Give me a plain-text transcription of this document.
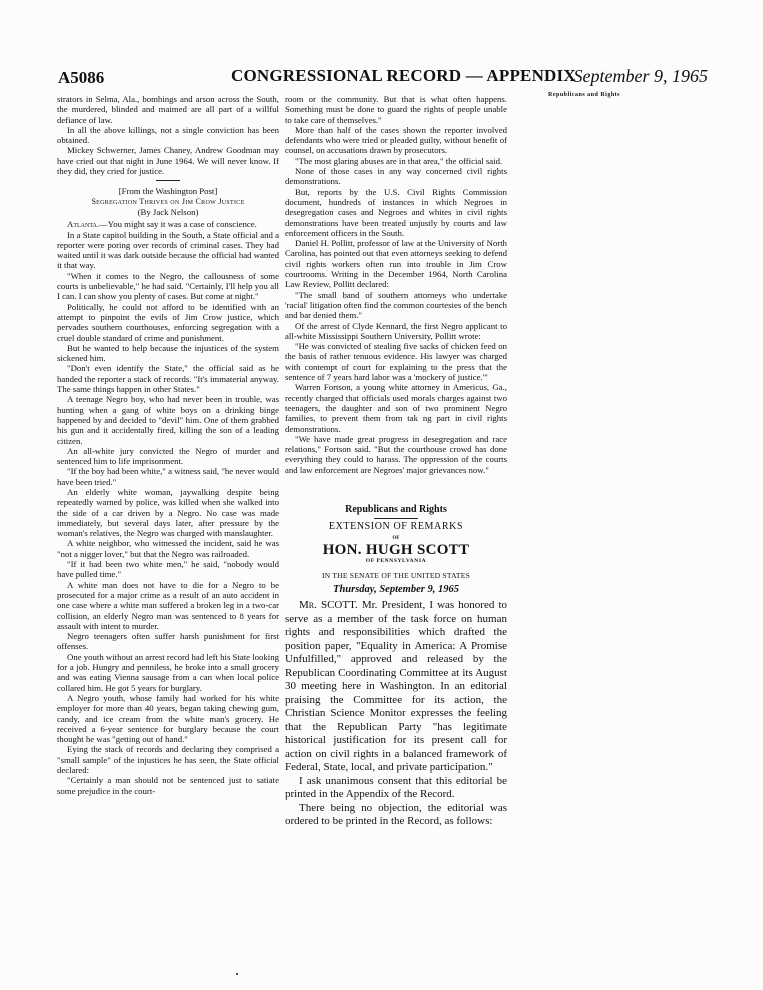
A5086	CONGRESSIONAL RECORD — APPENDIX
September 9, 1965
Republicans and Rights

strators in Selma, Ala., bombings and arson across the South, the murdered, blinded and maimed are all part of a willful defiance of law.

In all the above killings, not a single conviction has been obtained.

Mickey Schwerner, James Chaney, Andrew Goodman may have cried out that night in June 1964. We will never know. If they did, they cried for justice.

[From the Washington Post]

Segregation Thrives on Jim Crow Justice

(By Jack Nelson)

Atlanta.—You might say it was a case of conscience.

In a State capitol building in the South, a State official and a reporter were poring over records of criminal cases. They had waited until it was dark outside because the official had wanted it that way.

"When it comes to the Negro, the callousness of some courts is unbelievable," he had said. "Certainly, I'll help you all I can. I can show you plenty of cases. But come at night."

Politically, he could not afford to be identified with an attempt to pinpoint the evils of Jim Crow justice, which pervades southern courthouses, enforcing segregation with a cruel double standard of crime and punishment.

But he wanted to help because the injustices of the system sickened him.

"Don't even identify the State," the official said as he handed the reporter a stack of records. "It's immaterial anyway. The same things happen in other States."

A teenage Negro boy, who had never been in trouble, was hunting when a gang of white boys on a drinking binge happened by and decided to "devil" him. One of them grabbed his gun and it accidentally fired, killing the son of a leading citizen.

An all-white jury convicted the Negro of murder and sentenced him to life imprisonment.

"If the boy had been white," a witness said, "he never would have been tried."

An elderly white woman, jaywalking despite being repeatedly warned by police, was killed when she walked into the side of a car driven by a Negro. No case was made immediately, but several days later, after pressure by the woman's relatives, the Negro was charged with manslaughter.

A white neighbor, who witnessed the incident, said he was "not a nigger lover," but that the Negro was railroaded.

"If it had been two white men," he said, "nobody would have pulled time."

A white man does not have to die for a Negro to be prosecuted for a major crime as a result of an auto accident in one case where a white man suffered a broken leg in a two-car collision, an elderly Negro man was sentenced to 8 years for assault with intent to murder.

Negro teenagers often suffer harsh punishment for first offenses.

One youth without an arrest record had left his State looking for a job. Hungry and penniless, he broke into a small grocery and was eating Vienna sausage from a can when local police collared him. He got 5 years for burglary.

A Negro youth, whose family had worked for his white employer for more than 40 years, began taking chewing gum, candy, and ice cream from the white man's grocery. He received a 6-year sentence for burglary because the court thought he was "getting out of hand."

Eying the stack of records and declaring they comprised a "small sample" of the injustices he has seen, the State official declared:

"Certainly a man should not be sentenced just to satiate some prejudice in the court-

room or the community. But that is what often happens. Something must be done to guard the rights of people unable to take care of themselves."

More than half of the cases shown the reporter involved defendants who were tried or pleaded guilty, without benefit of counsel, on accusations drawn by prosecutors.

"The most glaring abuses are in that area," the official said.

None of those cases in any way concerned civil rights demonstrations.

But, reports by the U.S. Civil Rights Commission document, hundreds of instances in which Negroes in desegregation cases and Negroes and whites in civil rights demonstrations have been treated unjustly by courts and law enforcement officers in the South.

Daniel H. Pollitt, professor of law at the University of North Carolina, has pointed out that even attorneys seeking to defend civil rights workers often run into trouble in Jim Crow courtrooms. Writing in the December 1964, North Carolina Law Review, Pollitt declared:

"The small band of southern attorneys who undertake 'racial' litigation often find the common courtesies of the bench and bar denied them."

Of the arrest of Clyde Kennard, the first Negro applicant to all-white Mississippi Southern University, Pollitt wrote:

"He was convicted of stealing five sacks of chicken feed on the basis of rather tenuous evidence. His lawyer was charged with contempt of court for explaining to the press that the sentence of 7 years hard labor was a 'mockery of justice.'"

Warren Fortson, a young white attorney in Americus, Ga., recently charged that officials used morals charges against two teenagers, the daughter and son of two prominent Negro families, to prevent them from tak ng part in civil rights demonstrations.

"We have made great progress in desegregation and race relations," Fortson said. "But the courthouse crowd has done everything they could to harass. The oppression of the courts and law enforcement are Negroes' major grievances now."

Republicans and Rights
EXTENSION OF REMARKS
OF
HON. HUGH SCOTT
OF PENNSYLVANIA
IN THE SENATE OF THE UNITED STATES
Thursday, September 9, 1965

Mr. SCOTT. Mr. President, I was honored to serve as a member of the task force on human rights and responsibilities which drafted the position paper, "Equality in America: A Promise Unfulfilled," approved and released by the Republican Coordinating Committee at its August 30 meeting here in Washington. In an editorial praising the Committee for its action, the Christian Science Monitor expresses the feeling that the Republican Party "has legitimate historical justification for its present call for action on civil rights in a balanced framework of Federal, State, local, and private participation."

I ask unanimous consent that this editorial be printed in the Appendix of the Record.

There being no objection, the editorial was ordered to be printed in the Record, as follows:
